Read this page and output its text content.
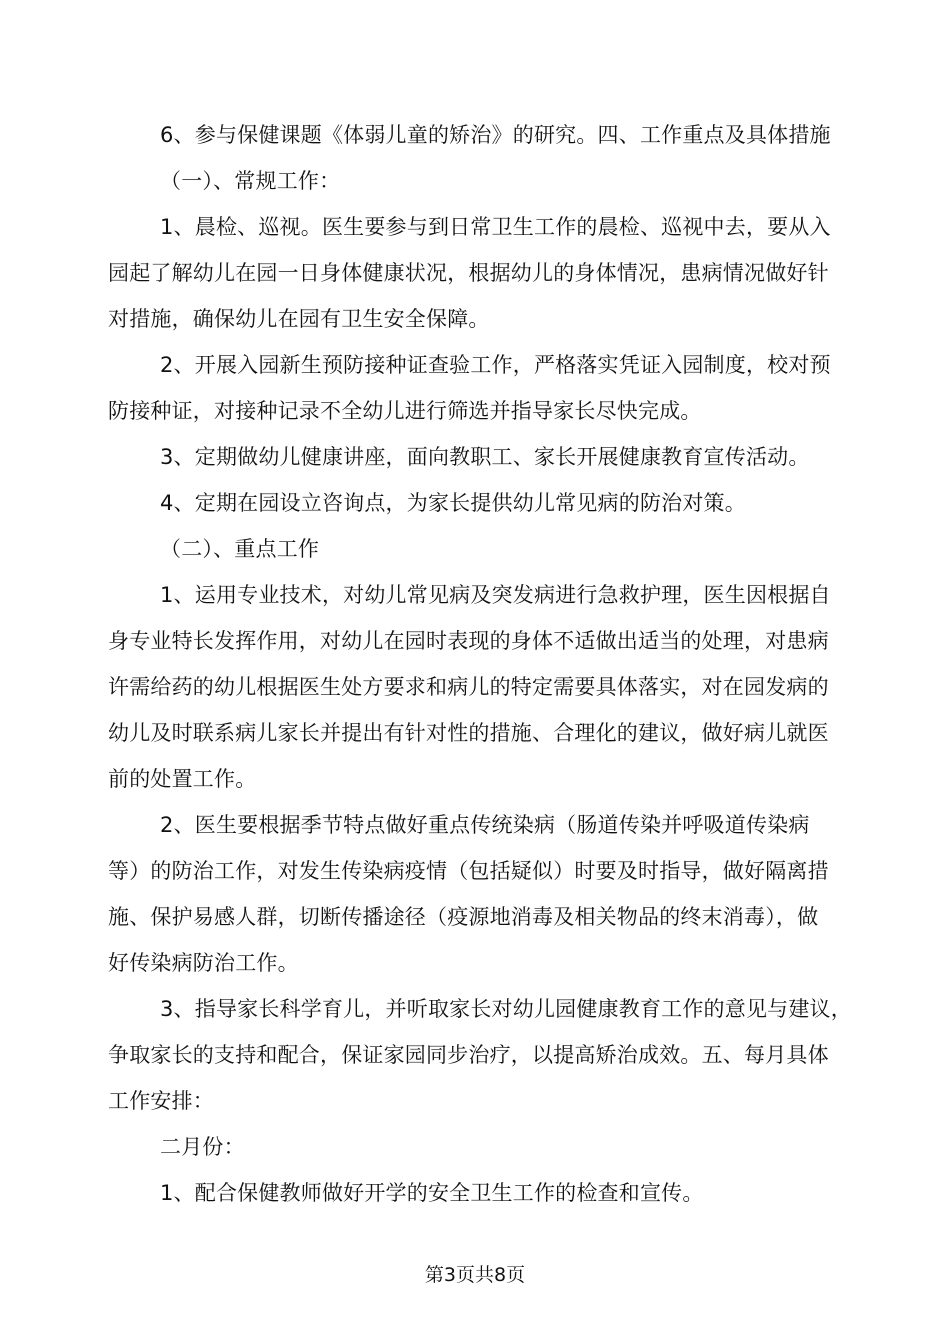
6、参与保健课题《体弱儿童的矫治》的研究。四、工作重点及具体措施
（一）、常规工作：
1、晨检、巡视。医生要参与到日常卫生工作的晨检、巡视中去，要从入
园起了解幼儿在园一日身体健康状况，根据幼儿的身体情况，患病情况做好针
对措施，确保幼儿在园有卫生安全保障。
2、开展入园新生预防接种证查验工作，严格落实凭证入园制度，校对预
防接种证，对接种记录不全幼儿进行筛选并指导家长尽快完成。
3、定期做幼儿健康讲座，面向教职工、家长开展健康教育宣传活动。
4、定期在园设立咨询点，为家长提供幼儿常见病的防治对策。
（二）、重点工作
1、运用专业技术，对幼儿常见病及突发病进行急救护理，医生因根据自
身专业特长发挥作用，对幼儿在园时表现的身体不适做出适当的处理，对患病
许需给药的幼儿根据医生处方要求和病儿的特定需要具体落实，对在园发病的
幼儿及时联系病儿家长并提出有针对性的措施、合理化的建议，做好病儿就医
前的处置工作。
2、医生要根据季节特点做好重点传统染病（肠道传染并呼吸道传染病
等）的防治工作，对发生传染病疫情（包括疑似）时要及时指导，做好隔离措
施、保护易感人群，切断传播途径（疫源地消毒及相关物品的终末消毒），做
好传染病防治工作。
3、指导家长科学育儿，并听取家长对幼儿园健康教育工作的意见与建议，
争取家长的支持和配合，保证家园同步治疗，以提高矫治成效。五、每月具体
工作安排：
二月份：
1、配合保健教师做好开学的安全卫生工作的检查和宣传。
第3页共8页
